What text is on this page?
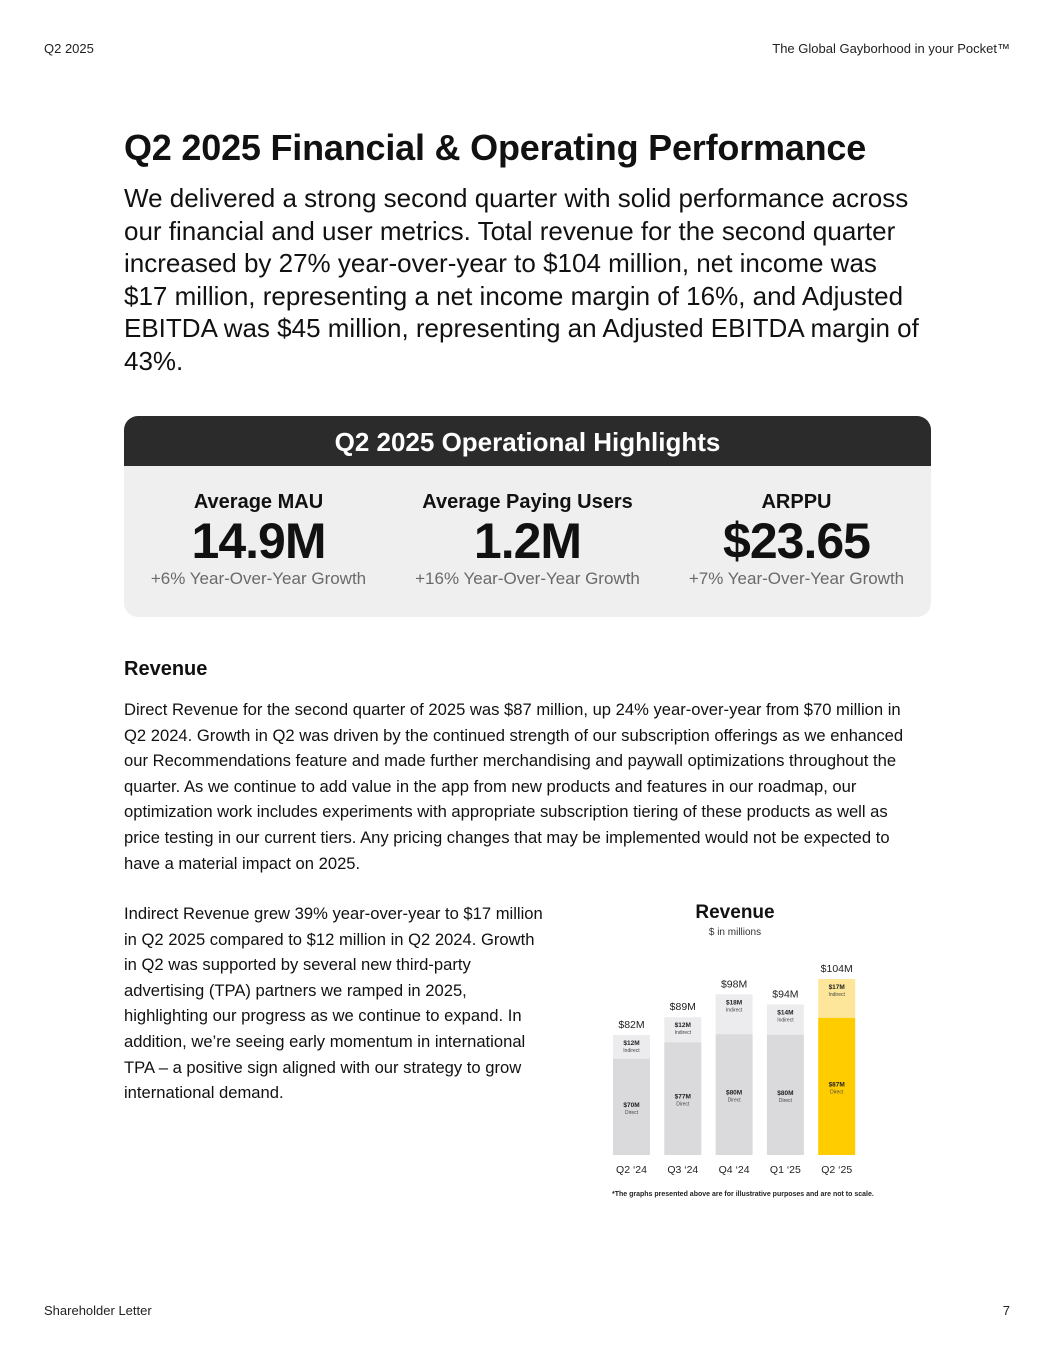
Q2 2025	The Global Gayborhood in your Pocket™
Q2 2025 Financial & Operating Performance

We delivered a strong second quarter with solid performance across our financial and user metrics. Total revenue for the second quarter increased by 27% year-over-year to $104 million, net income was $17 million, representing a net income margin of 16%, and Adjusted EBITDA was $45 million, representing an Adjusted EBITDA margin of 43%.

Q2 2025 Operational Highlights
Average MAU
14.9M
+6% Year-Over-Year Growth
Average Paying Users
1.2M
+16% Year-Over-Year Growth
ARPPU
$23.65
+7% Year-Over-Year Growth
Revenue

Direct Revenue for the second quarter of 2025 was $87 million, up 24% year-over-year from $70 million in Q2 2024. Growth in Q2 was driven by the continued strength of our subscription offerings as we enhanced our Recommendations feature and made further merchandising and paywall optimizations throughout the quarter. As we continue to add value in the app from new products and features in our roadmap, our optimization work includes experiments with appropriate subscription tiering of these products as well as price testing in our current tiers. Any pricing changes that may be implemented would not be expected to have a material impact on 2025.

Indirect Revenue grew 39% year-over-year to $17 million in Q2 2025 compared to $12 million in Q2 2024. Growth in Q2 was supported by several new third-party advertising (TPA) partners we ramped in 2025, highlighting our progress as we continue to expand. In addition, we’re seeing early momentum in international TPA – a positive sign aligned with our strategy to grow international demand.

Revenue
$ in millions
$82M
$12M
Indirect
$70M
Direct
Q2 ‘24
$89M
$12M
Indirect
$77M
Direct
Q3 ‘24
$98M
$18M
Indirect
$80M
Direct
Q4 ‘24
$94M
$14M
Indirect
$80M
Direct
Q1 ‘25
$104M
$17M
Indirect
$87M
Direct
Q2 ‘25
*The graphs presented above are for illustrative purposes and are not to scale.
Shareholder Letter	7
